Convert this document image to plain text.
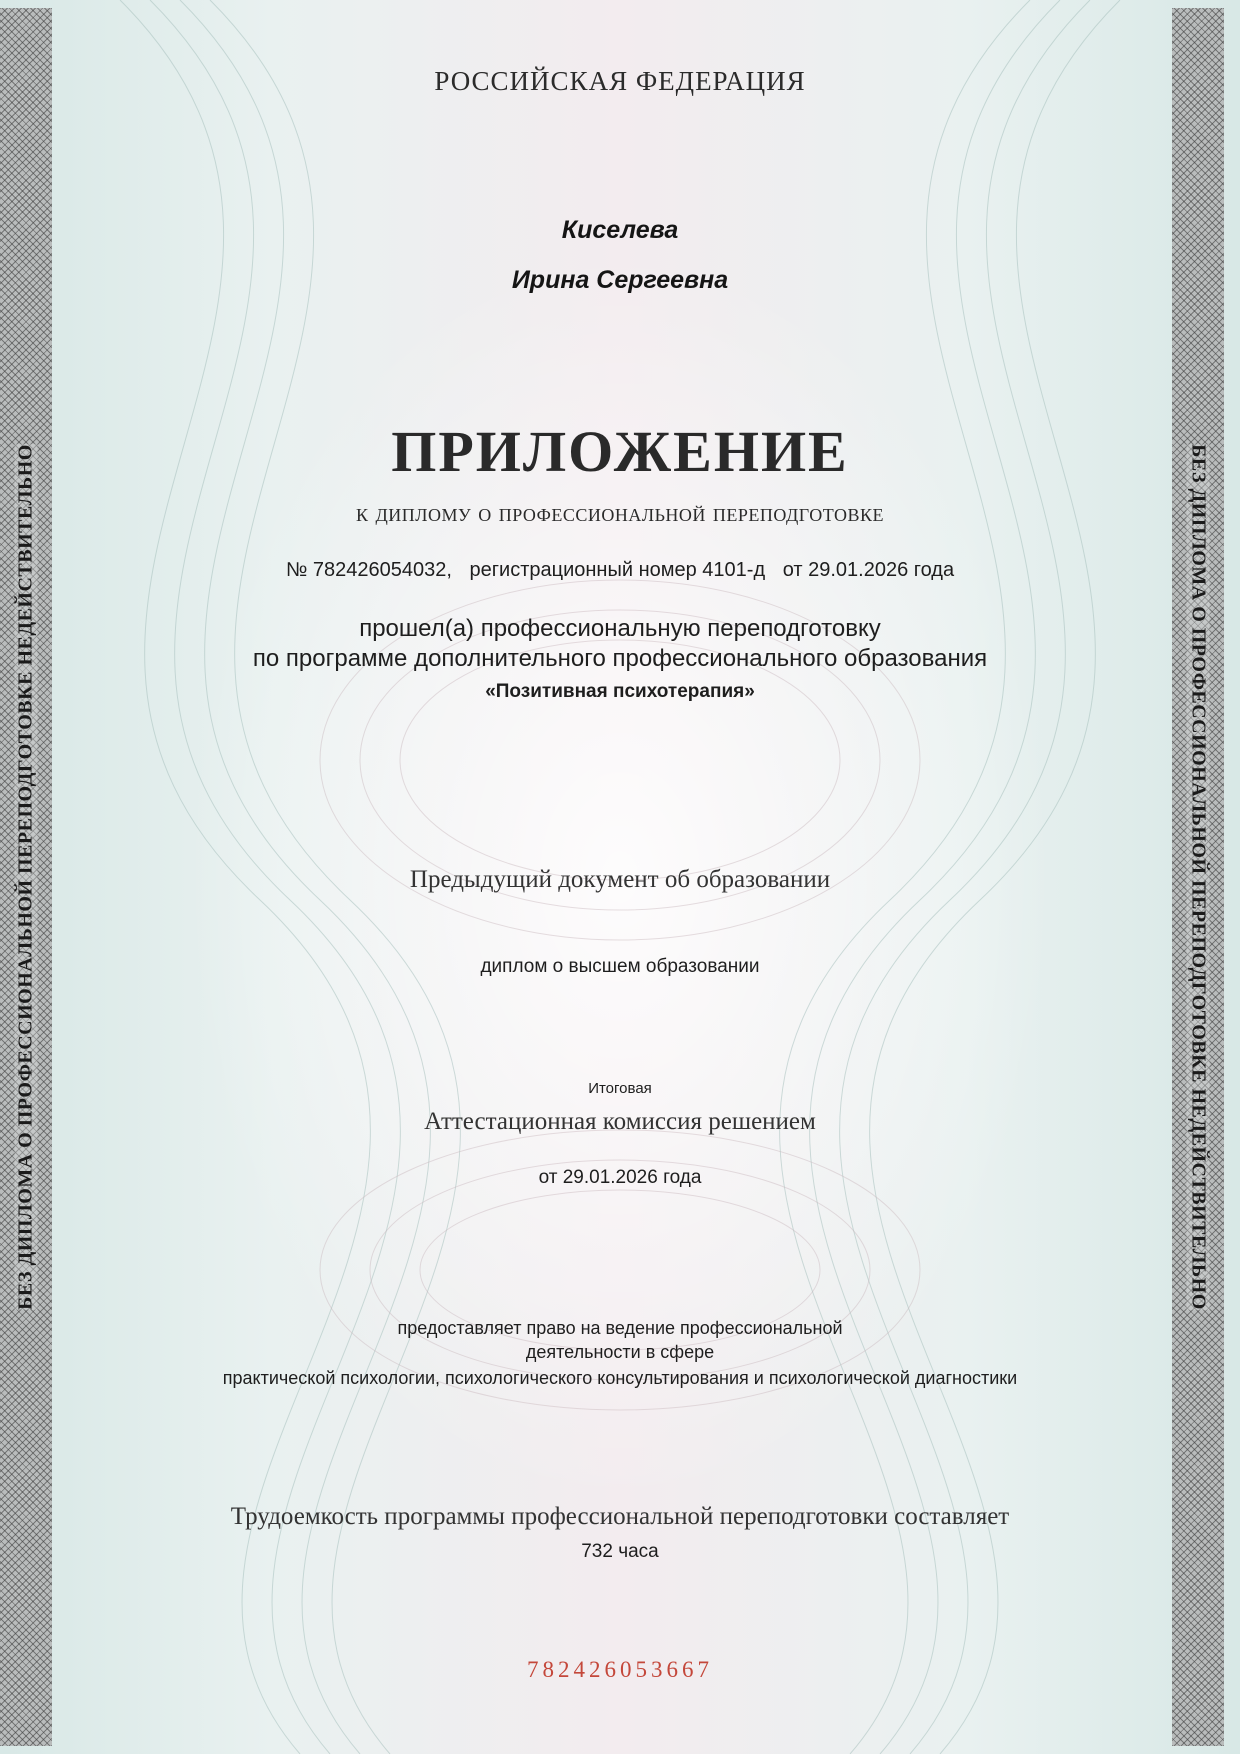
БЕЗ ДИПЛОМА О ПРОФЕССИОНАЛЬНОЙ ПЕРЕПОДГОТОВКЕ НЕДЕЙСТВИТЕЛЬНО	БЕЗ ДИПЛОМА О ПРОФЕССИОНАЛЬНОЙ ПЕРЕПОДГОТОВКЕ НЕДЕЙСТВИТЕЛЬНО
РОССИЙСКАЯ ФЕДЕРАЦИЯ
Киселева
Ирина Сергеевна
ПРИЛОЖЕНИЕ
к диплому о профессиональной переподготовке
№ 782426054032, регистрационный номер 4101-д от 29.01.2026 года
прошел(а) профессиональную переподготовку
по программе дополнительного профессионального образования
«Позитивная психотерапия»
Предыдущий документ об образовании
диплом о высшем образовании
Итоговая
Аттестационная комиссия решением
от 29.01.2026 года
предоставляет право на ведение профессиональной
деятельности в сфере
практической психологии, психологического консультирования и психологической диагностики
Трудоемкость программы профессиональной переподготовки составляет
732 часа
782426053667
